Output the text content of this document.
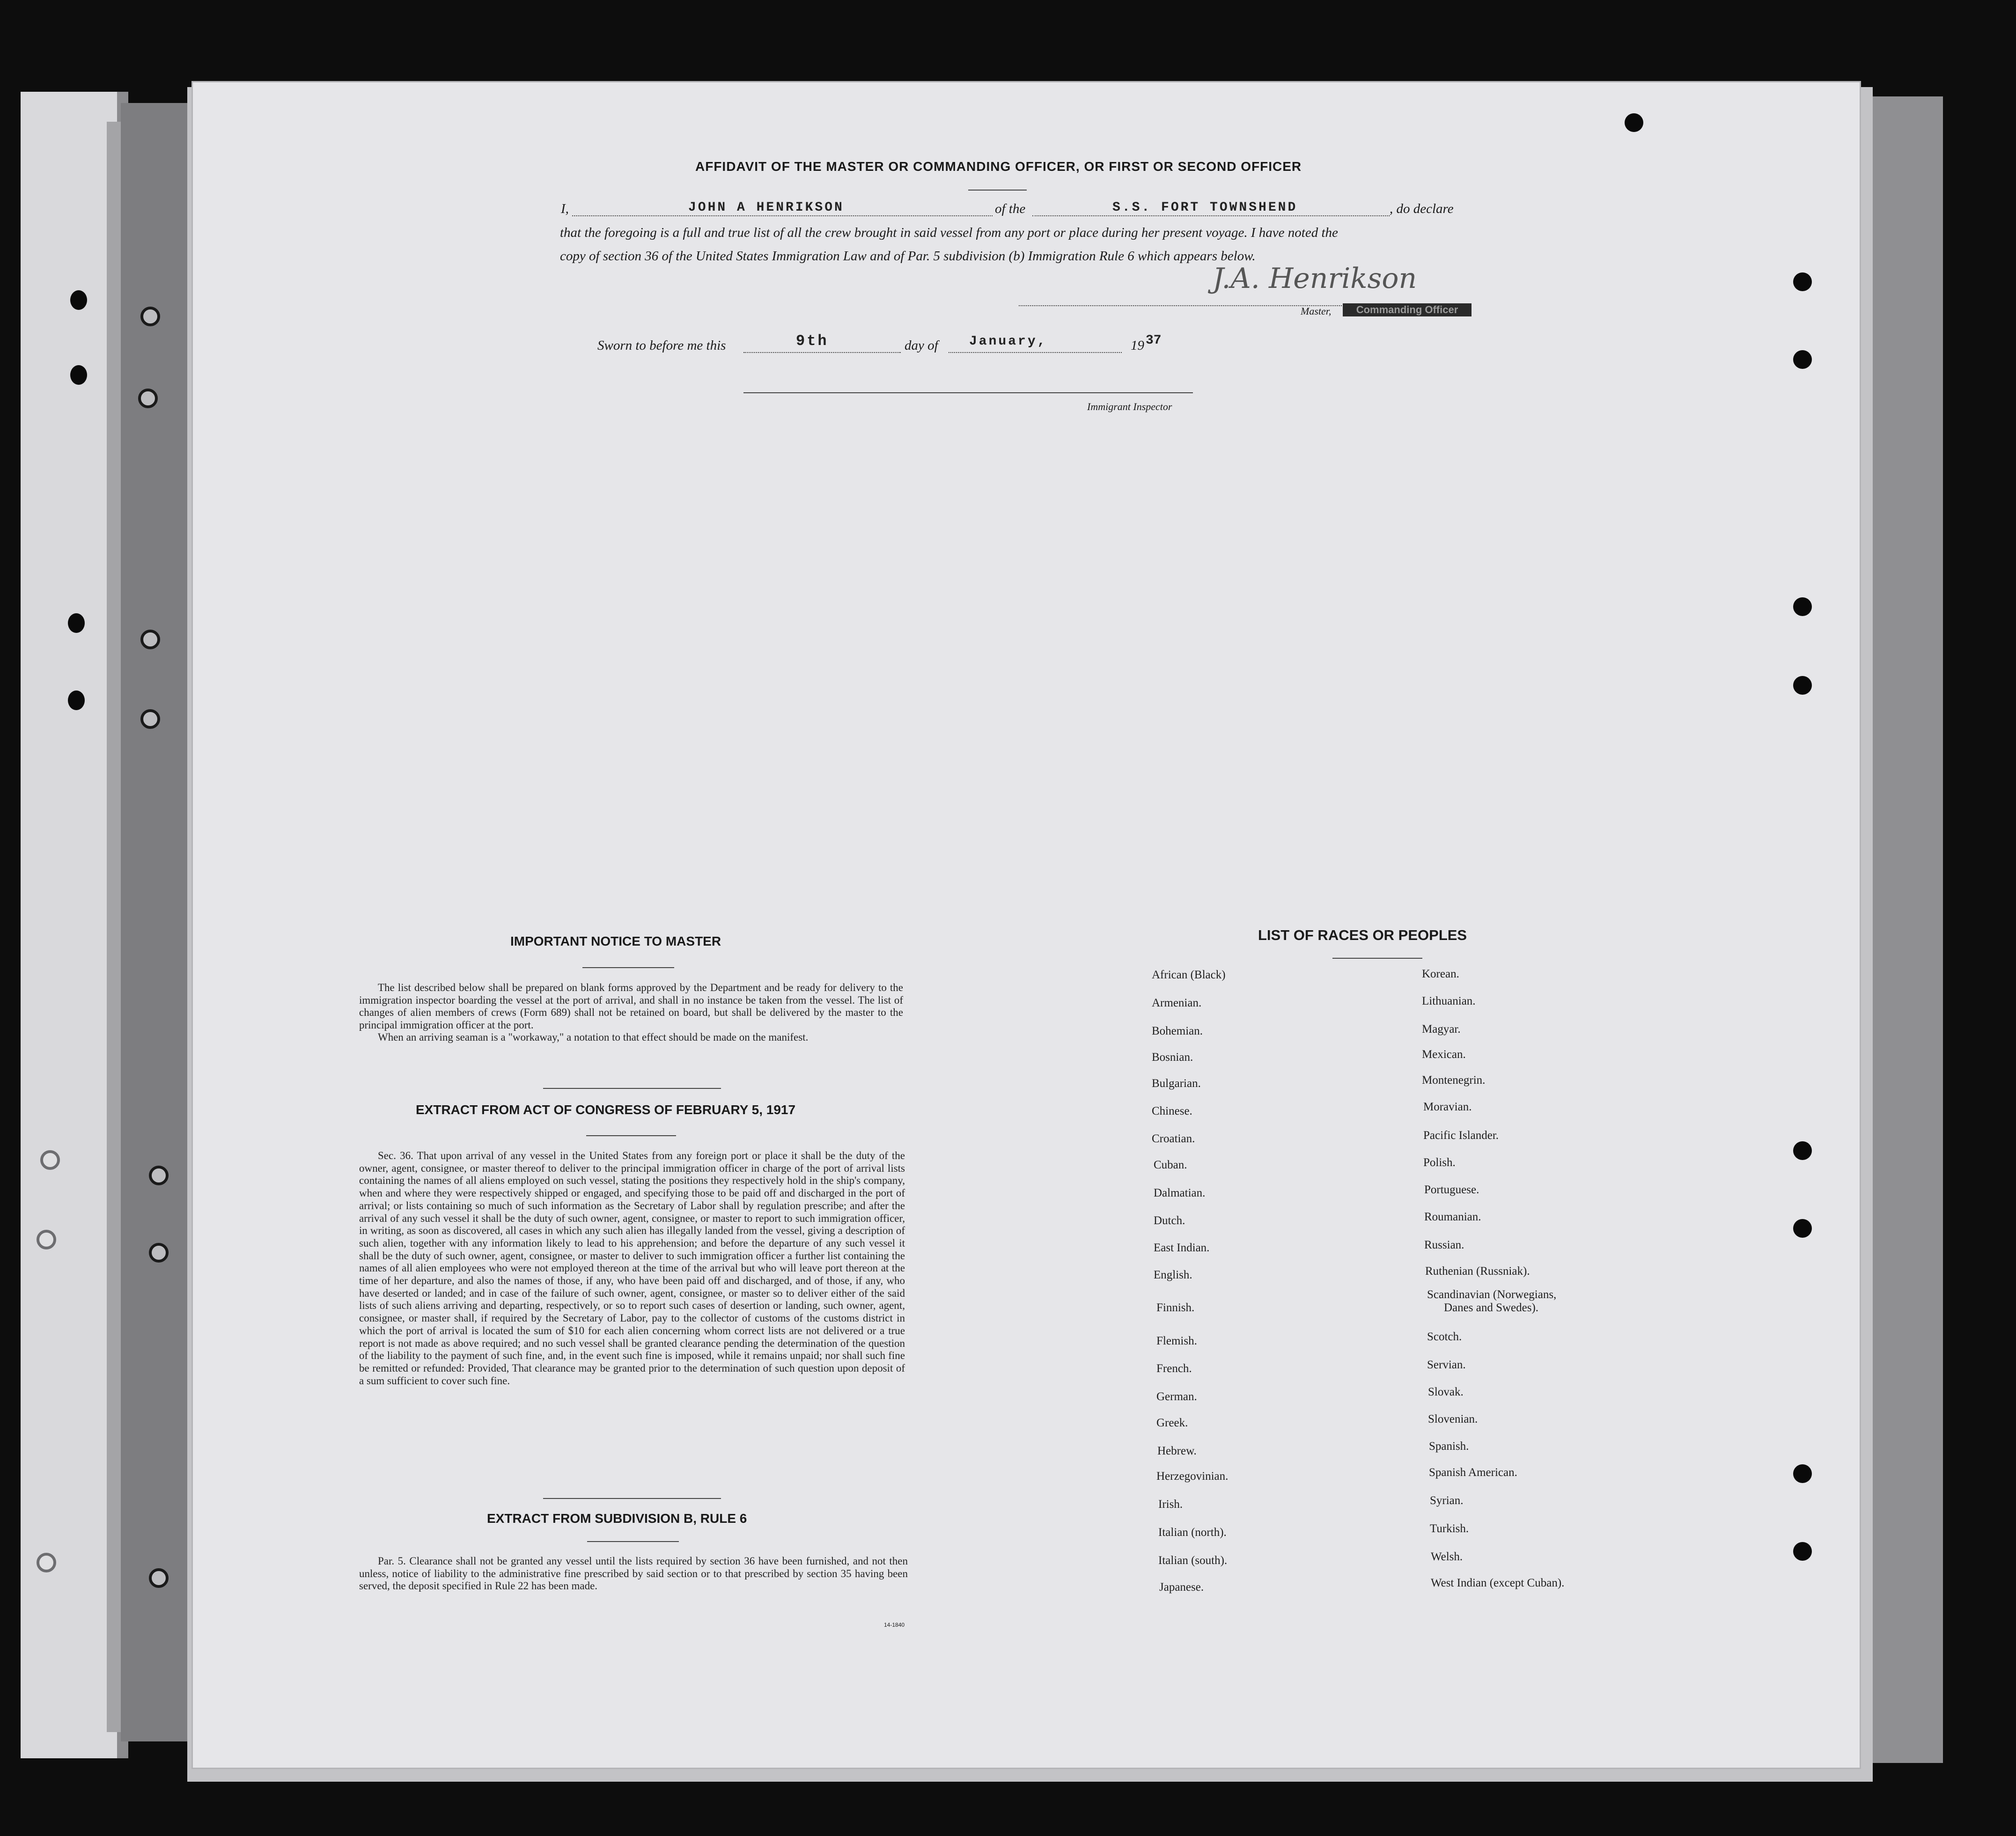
AFFIDAVIT OF THE MASTER OR COMMANDING OFFICER, OR FIRST OR SECOND OFFICER
I,	JOHN A HENRIKSON	of the	S.S. FORT TOWNSHEND	, do declare
that the foregoing is a full and true list of all the crew brought in said vessel from any port or place during her present voyage. I have noted the
copy of section 36 of the United States Immigration Law and of Par. 5 subdivision (b) Immigration Rule 6 which appears below.
J.A. Henrikson
Master,	Commanding Officer
Sworn to before me this	9th	day of January,	19 37
Immigrant Inspector
IMPORTANT NOTICE TO MASTER

The list described below shall be prepared on blank forms approved by the Department and be ready for delivery to the immigration inspector boarding the vessel at the port of arrival, and shall in no instance be taken from the vessel. The list of changes of alien members of crews (Form 689) shall not be retained on board, but shall be delivered by the master to the principal immigration officer at the port.

When an arriving seaman is a "workaway," a notation to that effect should be made on the manifest.

EXTRACT FROM ACT OF CONGRESS OF FEBRUARY 5, 1917

Sec. 36. That upon arrival of any vessel in the United States from any foreign port or place it shall be the duty of the owner, agent, consignee, or master thereof to deliver to the principal immigration officer in charge of the port of arrival lists containing the names of all aliens employed on such vessel, stating the positions they respectively hold in the ship's company, when and where they were respectively shipped or engaged, and specifying those to be paid off and discharged in the port of arrival; or lists containing so much of such information as the Secretary of Labor shall by regulation prescribe; and after the arrival of any such vessel it shall be the duty of such owner, agent, consignee, or master to report to such immigration officer, in writing, as soon as discovered, all cases in which any such alien has illegally landed from the vessel, giving a description of such alien, together with any information likely to lead to his apprehension; and before the departure of any such vessel it shall be the duty of such owner, agent, consignee, or master to deliver to such immigration officer a further list containing the names of all alien employees who were not employed thereon at the time of the arrival but who will leave port thereon at the time of her departure, and also the names of those, if any, who have been paid off and discharged, and of those, if any, who have deserted or landed; and in case of the failure of such owner, agent, consignee, or master so to deliver either of the said lists of such aliens arriving and departing, respectively, or so to report such cases of desertion or landing, such owner, agent, consignee, or master shall, if required by the Secretary of Labor, pay to the collector of customs of the customs district in which the port of arrival is located the sum of $10 for each alien concerning whom correct lists are not delivered or a true report is not made as above required; and no such vessel shall be granted clearance pending the determination of the question of the liability to the payment of such fine, and, in the event such fine is imposed, while it remains unpaid; nor shall such fine be remitted or refunded: Provided, That clearance may be granted prior to the determination of such question upon deposit of a sum sufficient to cover such fine.

EXTRACT FROM SUBDIVISION B, RULE 6

Par. 5. Clearance shall not be granted any vessel until the lists required by section 36 have been furnished, and not then unless, notice of liability to the administrative fine prescribed by said section or to that prescribed by section 35 having been served, the deposit specified in Rule 22 has been made.

14-1840
LIST OF RACES OR PEOPLES
African (Black)
Armenian.
Bohemian.
Bosnian.
Bulgarian.
Chinese.
Croatian.
Cuban.
Dalmatian.
Dutch.
East Indian.
English.
Finnish.
Flemish.
French.
German.
Greek.
Hebrew.
Herzegovinian.
Irish.
Italian (north).
Italian (south).
Japanese.
Korean.
Lithuanian.
Magyar.
Mexican.
Montenegrin.
Moravian.
Pacific Islander.
Polish.
Portuguese.
Roumanian.
Russian.
Ruthenian (Russniak).
Scandinavian (Norwegians,
Danes and Swedes).
Scotch.
Servian.
Slovak.
Slovenian.
Spanish.
Spanish American.
Syrian.
Turkish.
Welsh.
West Indian (except Cuban).
